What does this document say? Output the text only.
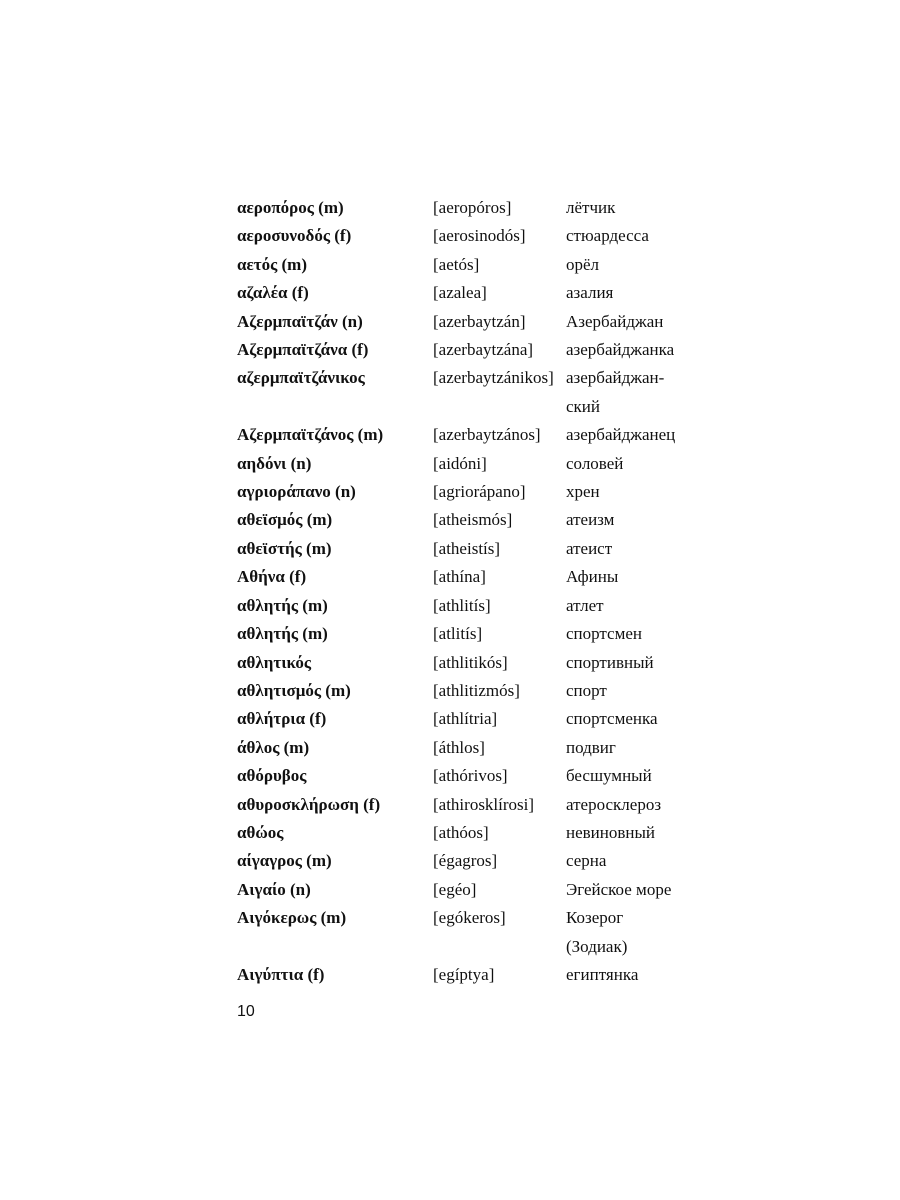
αεροπόρος (m)	[aeropóros]	лётчик
αεροσυνοδός (f)	[aerosinodós]	стюардесса
αετός (m)	[aetós]	орёл
αζαλέα (f)	[azalea]	азалия
Αζερμπαϊτζάν (n)	[azerbaytzán]	Азербайджан
Αζερμπαϊτζάνα (f)	[azerbaytzána]	азербайджанка
αζερμπαϊτζάνικος	[azerbaytzánikos] азербайджан-
ский
Αζερμπαϊτζάνος (m)	[azerbaytzános]	азербайджанец
αηδόνι (n)	[aidóni]	соловей
αγριοράπανο (n)	[agriorápano]	хрен
αθεϊσμός (m)	[atheismós]	атеизм
αθεϊστής (m)	[atheistís]	атеист
Αθήνα (f)	[athína]	Афины
αθλητής (m)	[athlitís]	атлет
αθλητής (m)	[atlitís]	спортсмен
αθλητικός	[athlitikós]	спортивный
αθλητισμός (m)	[athlitizmós]	спорт
αθλήτρια (f)	[athlítria]	спортсменка
άθλος (m)	[áthlos]	подвиг
αθόρυβος	[athórivos]	бесшумный
αθυροσκλήρωση (f)	[athirosklírosi]	атеросклероз
αθώος	[athóos]	невиновный
αίγαγρος (m)	[égagros]	серна
Αιγαίο (n)	[egéo]	Эгейское море
Αιγόκερως (m)	[egókeros]	Козерог
(Зодиак)
Αιγύπτια (f)	[egíptya]	египтянка
10
